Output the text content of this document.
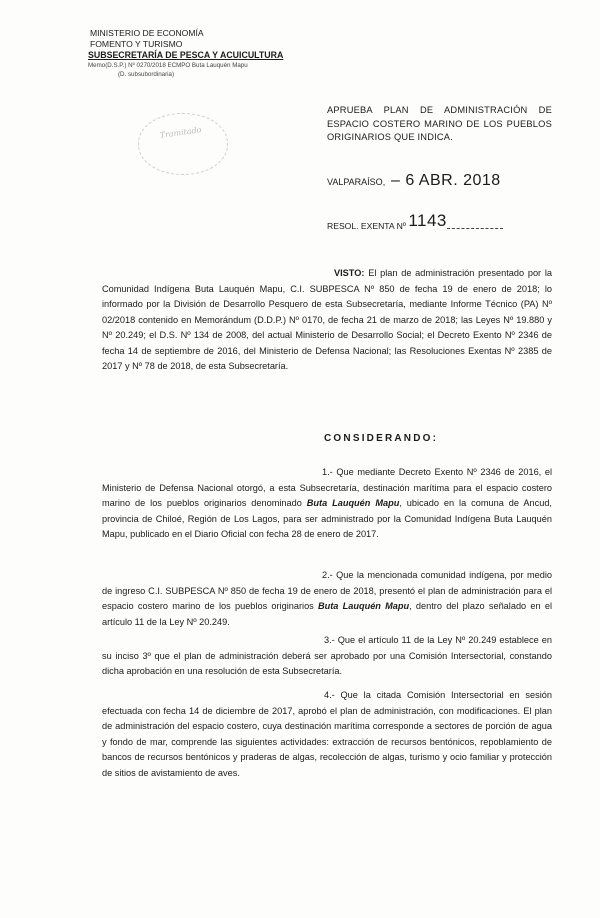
MINISTERIO DE ECONOMÍA
FOMENTO Y TURISMO
SUBSECRETARÍA DE PESCA Y ACUICULTURA
Memo(D.S.P.) Nº 0270/2018 ECMPO Buta Lauquén Mapu
(D. subsubordinaria)
Tramitado
APRUEBA PLAN DE ADMINISTRACIÓN DE ESPACIO COSTERO MARINO DE LOS PUEBLOS ORIGINARIOS QUE INDICA.
VALPARAÍSO, – 6 ABR. 2018
RESOL. EXENTA Nº 1143
VISTO: El plan de administración presentado por la Comunidad Indígena Buta Lauquén Mapu, C.I. SUBPESCA Nº 850 de fecha 19 de enero de 2018; lo informado por la División de Desarrollo Pesquero de esta Subsecretaría, mediante Informe Técnico (PA) Nº 02/2018 contenido en Memorándum (D.D.P.) Nº 0170, de fecha 21 de marzo de 2018; las Leyes Nº 19.880 y Nº 20.249; el D.S. Nº 134 de 2008, del actual Ministerio de Desarrollo Social; el Decreto Exento Nº 2346 de fecha 14 de septiembre de 2016, del Ministerio de Defensa Nacional; las Resoluciones Exentas Nº 2385 de 2017 y Nº 78 de 2018, de esta Subsecretaría.
CONSIDERANDO:
1.- Que mediante Decreto Exento Nº 2346 de 2016, el Ministerio de Defensa Nacional otorgó, a esta Subsecretaría, destinación marítima para el espacio costero marino de los pueblos originarios denominado Buta Lauquén Mapu, ubicado en la comuna de Ancud, provincia de Chiloé, Región de Los Lagos, para ser administrado por la Comunidad Indígena Buta Lauquén Mapu, publicado en el Diario Oficial con fecha 28 de enero de 2017.
2.- Que la mencionada comunidad indígena, por medio de ingreso C.I. SUBPESCA Nº 850 de fecha 19 de enero de 2018, presentó el plan de administración para el espacio costero marino de los pueblos originarios Buta Lauquén Mapu, dentro del plazo señalado en el artículo 11 de la Ley Nº 20.249.
3.- Que el artículo 11 de la Ley Nº 20.249 establece en su inciso 3º que el plan de administración deberá ser aprobado por una Comisión Intersectorial, constando dicha aprobación en una resolución de esta Subsecretaría.
4.- Que la citada Comisión Intersectorial en sesión efectuada con fecha 14 de diciembre de 2017, aprobó el plan de administración, con modificaciones. El plan de administración del espacio costero, cuya destinación marítima corresponde a sectores de porción de agua y fondo de mar, comprende las siguientes actividades: extracción de recursos bentónicos, repoblamiento de bancos de recursos bentónicos y praderas de algas, recolección de algas, turismo y ocio familiar y protección de sitios de avistamiento de aves.
